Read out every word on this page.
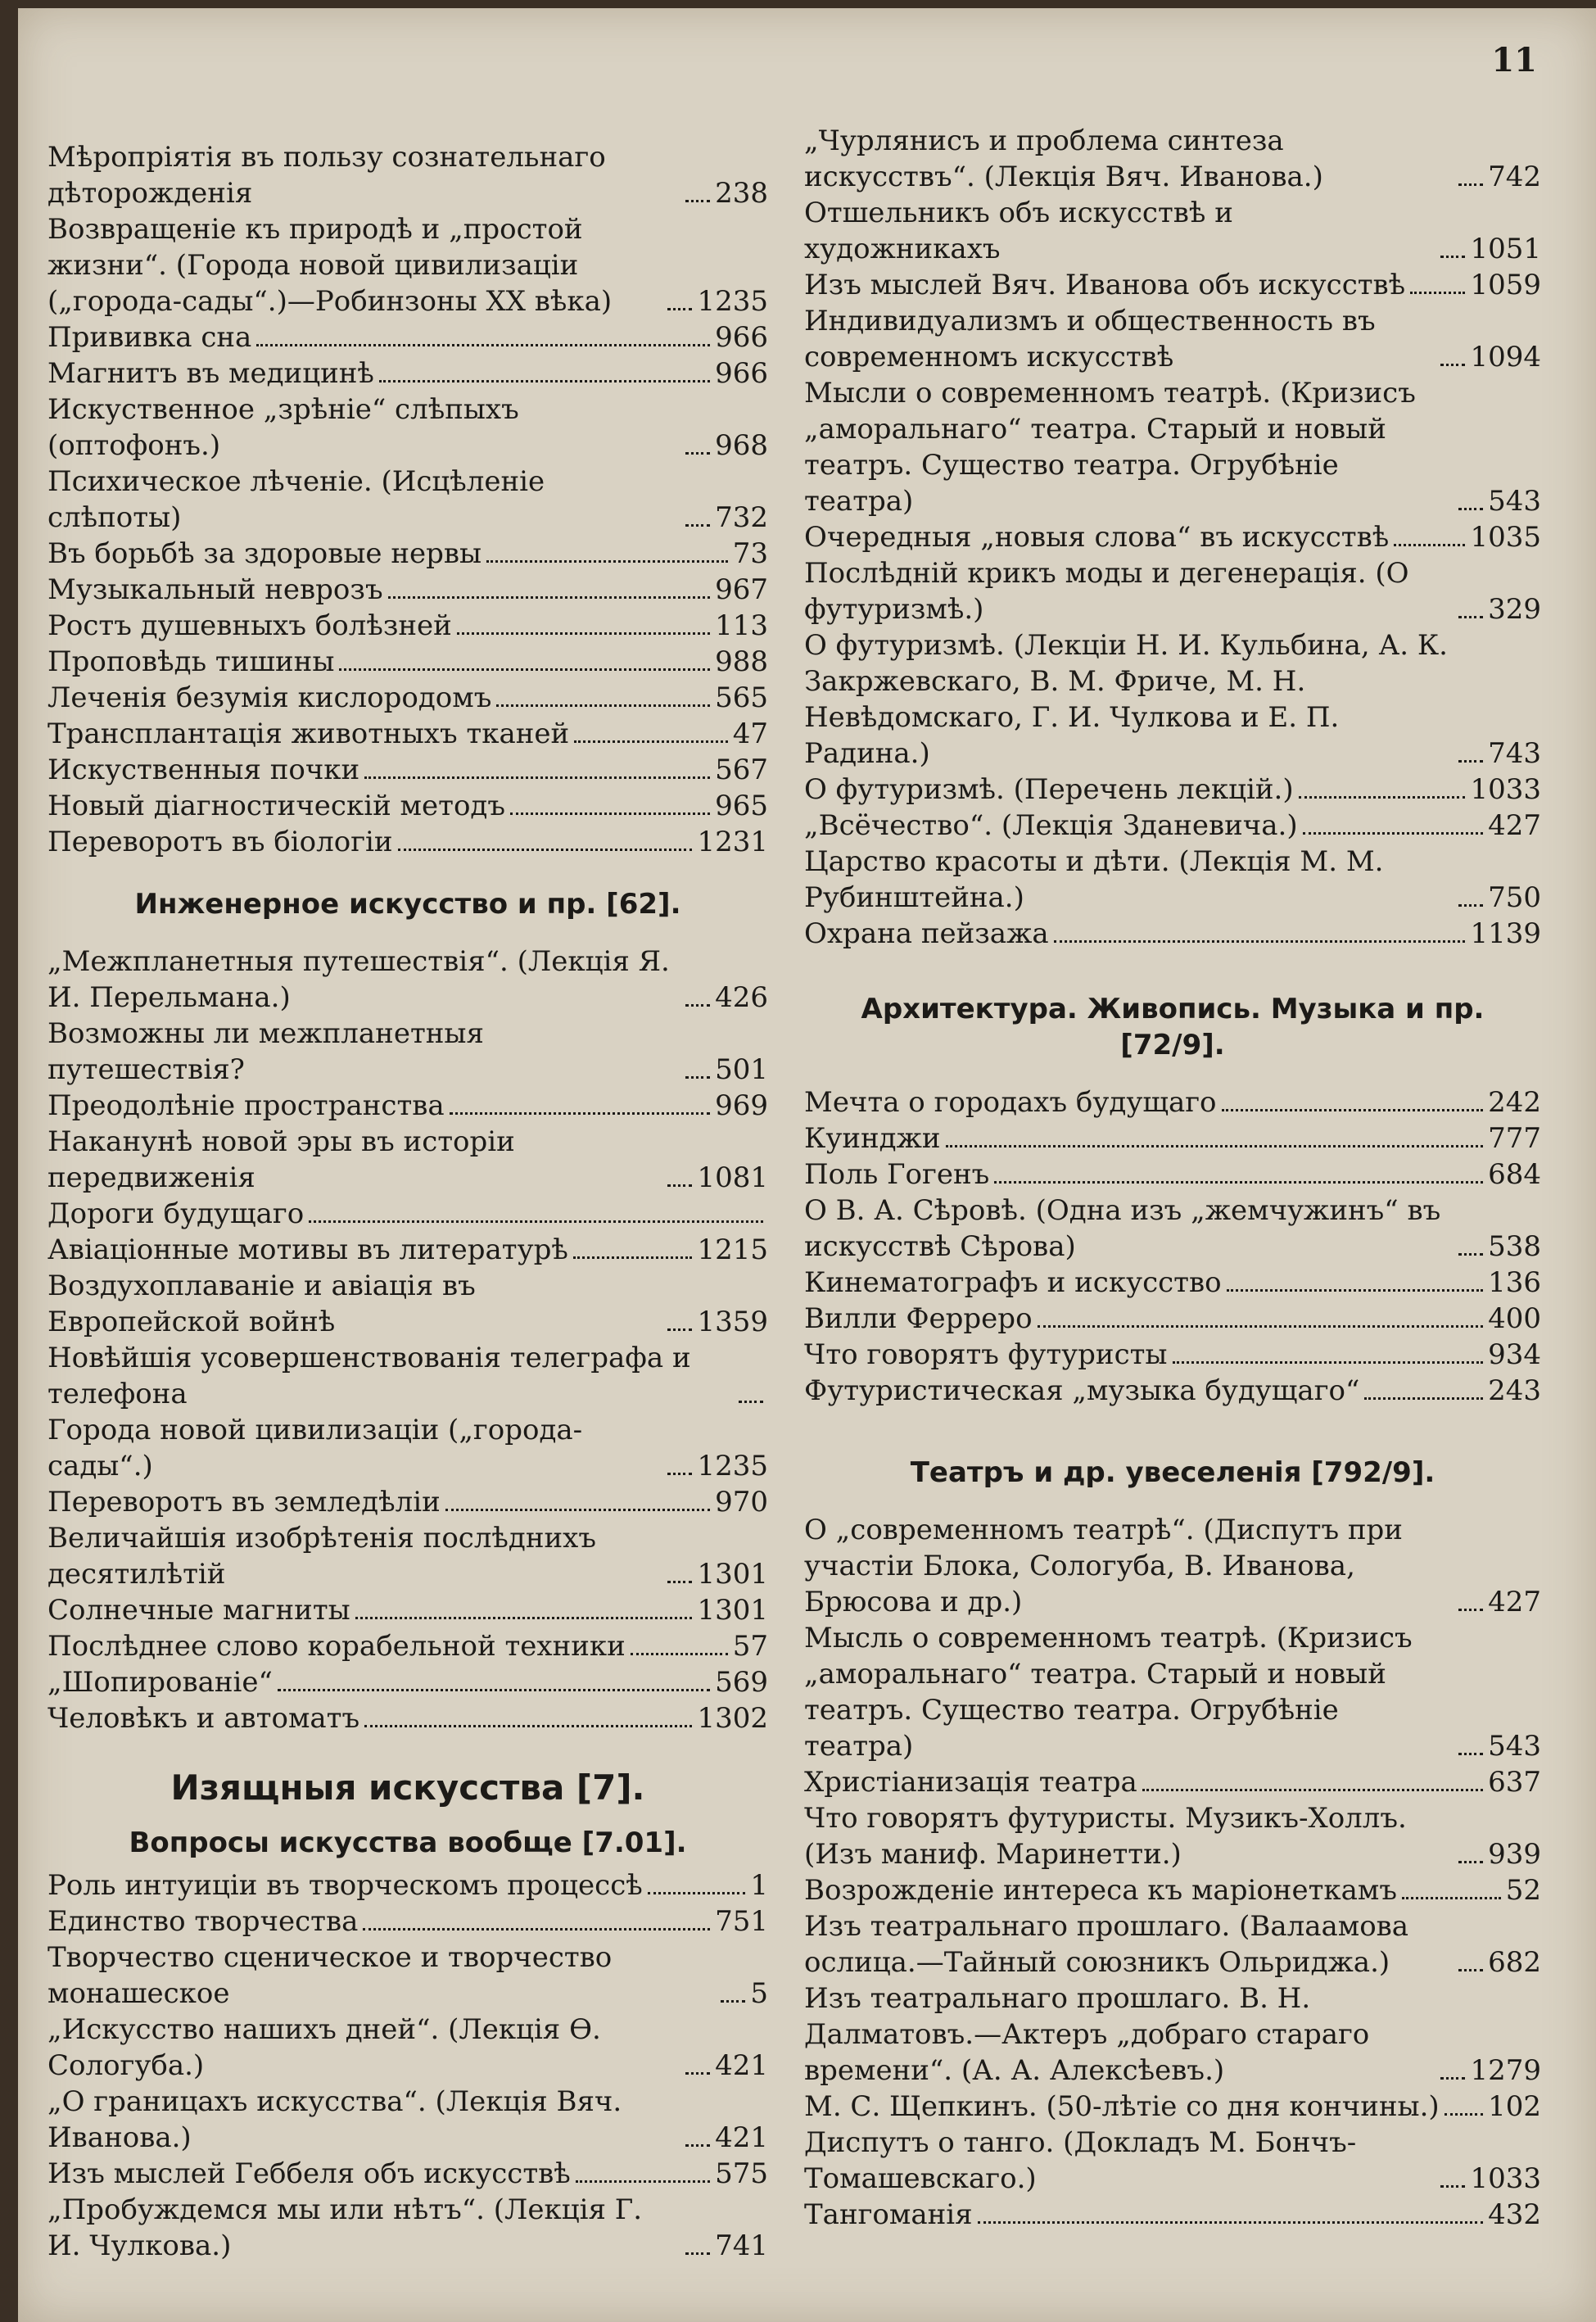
11
Мѣропріятія въ пользу сознательнаго дѣторожденія	238
Возвращеніе къ природѣ и „простой жизни“. (Города новой цивилизаціи („города-сады“.)—Робинзоны XX вѣка)	1235
Прививка сна	966
Магнитъ въ медицинѣ	966
Искуственное „зрѣніе“ слѣпыхъ (оптофонъ.)	968
Психическое лѣченіе. (Исцѣленіе слѣпоты)	732
Въ борьбѣ за здоровые нервы	73
Музыкальный неврозъ	967
Ростъ душевныхъ болѣзней	113
Проповѣдь тишины	988
Леченія безумія кислородомъ	565
Трансплантація животныхъ тканей	47
Искуственныя почки	567
Новый діагностическій методъ	965
Переворотъ въ біологіи	1231
Инженерное искусство и пр. [62].
„Межпланетныя путешествія“. (Лекція Я. И. Перельмана.)	426
Возможны ли межпланетныя путешествія?	501
Преодолѣніе пространства	969
Наканунѣ новой эры въ исторіи передвиженія	1081
Дороги будущаго
Авіаціонные мотивы въ литературѣ	1215
Воздухоплаваніе и авіація въ Европейской войнѣ	1359
Новѣйшія усовершенствованія телеграфа и телефона
Города новой цивилизаціи („города-сады“.)	1235
Переворотъ въ земледѣліи	970
Величайшія изобрѣтенія послѣднихъ десятилѣтій	1301
Солнечные магниты	1301
Послѣднее слово корабельной техники	57
„Шопированіе“	569
Человѣкъ и автоматъ	1302
Изящныя искусства [7].
Вопросы искусства вообще [7.01].
Роль интуиціи въ творческомъ процессѣ	1
Единство творчества	751
Творчество сценическое и творчество монашеское	5
„Искусство нашихъ дней“. (Лекція Ѳ. Сологуба.)	421
„О границахъ искусства“. (Лекція Вяч. Иванова.)	421
Изъ мыслей Геббеля объ искусствѣ	575
„Пробуждемся мы или нѣтъ“. (Лекція Г. И. Чулкова.)	741
„Чурлянисъ и проблема синтеза искусствъ“. (Лекція Вяч. Иванова.)	742
Отшельникъ объ искусствѣ и художникахъ	1051
Изъ мыслей Вяч. Иванова объ искусствѣ 1059
Индивидуализмъ и общественность въ современномъ искусствѣ	1094
Мысли о современномъ театрѣ. (Кризисъ „аморальнаго“ театра. Старый и новый театръ. Существо театра. Огрубѣніе театра)	543
Очередныя „новыя слова“ въ искусствѣ	1035
Послѣдній крикъ моды и дегенерація. (О футуризмѣ.)	329
О футуризмѣ. (Лекціи Н. И. Кульбина, А. К. Закржевскаго, В. М. Фриче, М. Н. Невѣдомскаго, Г. И. Чулкова и Е. П. Радина.)	743
О футуризмѣ. (Перечень лекцій.)	1033
„Всёчество“. (Лекція Зданевича.)	427
Царство красоты и дѣти. (Лекція М. М. Рубинштейна.)	750
Охрана пейзажа	1139
Архитектура. Живопись. Музыка и пр. [72/9].
Мечта о городахъ будущаго	242
Куинджи	777
Поль Гогенъ	684
О В. А. Сѣровѣ. (Одна изъ „жемчужинъ“ въ искусствѣ Сѣрова)	538
Кинематографъ и искусство	136
Вилли Ферреро	400
Что говорятъ футуристы	934
Футуристическая „музыка будущаго“	243
Театръ и др. увеселенія [792/9].
О „современномъ театрѣ“. (Диспутъ при участіи Блока, Сологуба, В. Иванова, Брюсова и др.)	427
Мысль о современномъ театрѣ. (Кризисъ „аморальнаго“ театра. Старый и новый театръ. Существо театра. Огрубѣніе театра)	543
Христіанизація театра	637
Что говорятъ футуристы. Музикъ-Холлъ. (Изъ маниф. Маринетти.)	939
Возрожденіе интереса къ маріонеткамъ	52
Изъ театральнаго прошлаго. (Валаамова ослица.—Тайный союзникъ Ольриджа.)	682
Изъ театральнаго прошлаго. В. Н. Далматовъ.—Актеръ „добраго стараго времени“. (А. А. Алексѣевъ.)	1279
М. С. Щепкинъ. (50-лѣтіе со дня кончины.) 102
Диспутъ о танго. (Докладъ М. Бончъ-Томашевскаго.)	1033
Тангоманія	432
